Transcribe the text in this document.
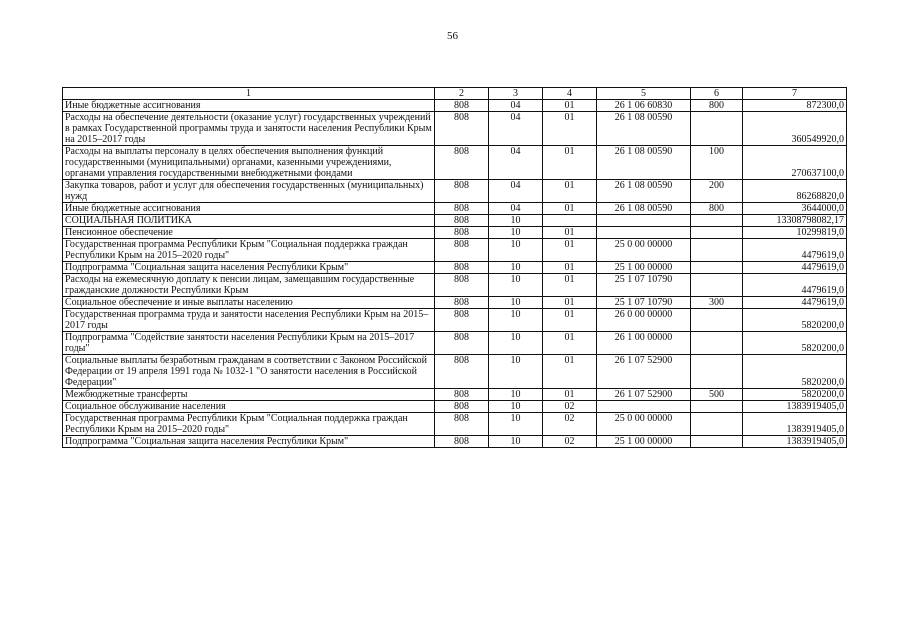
56
1	2	3	4	5	6	7
Иные бюджетные ассигнования	808	04	01	26 1 06 60830	800	872300,0
Расходы на обеспечение деятельности (оказание услуг) государственных учреждений в рамках Государственной программы труда и занятости населения Республики Крым на 2015–2017 годы	808	04	01	26 1 08 00590		360549920,0
Расходы на выплаты персоналу в целях обеспечения выполнения функций государственными (муниципальными) органами, казенными учреждениями, органами управления государственными внебюджетными фондами	808	04	01	26 1 08 00590	100	270637100,0
Закупка товаров, работ и услуг для обеспечения государственных (муниципальных) нужд	808	04	01	26 1 08 00590	200	86268820,0
Иные бюджетные ассигнования	808	04	01	26 1 08 00590	800	3644000,0
СОЦИАЛЬНАЯ ПОЛИТИКА	808	10				13308798082,17
Пенсионное обеспечение	808	10	01			10299819,0
Государственная программа Республики Крым "Социальная поддержка граждан Республики Крым на 2015–2020 годы"	808	10	01	25 0 00 00000		4479619,0
Подпрограмма "Социальная защита населения Республики Крым"	808	10	01	25 1 00 00000		4479619,0
Расходы на ежемесячную доплату к пенсии лицам, замещавшим государственные гражданские должности Республики Крым	808	10	01	25 1 07 10790		4479619,0
Социальное обеспечение и иные выплаты населению	808	10	01	25 1 07 10790	300	4479619,0
Государственная программа труда и занятости населения Республики Крым на 2015–2017 годы	808	10	01	26 0 00 00000		5820200,0
Подпрограмма "Содействие занятости населения Республики Крым на 2015–2017 годы"	808	10	01	26 1 00 00000		5820200,0
Социальные выплаты безработным гражданам в соответствии с Законом Российской Федерации от 19 апреля 1991 года № 1032-1 "О занятости населения в Российской Федерации"	808	10	01	26 1 07 52900		5820200,0
Межбюджетные трансферты	808	10	01	26 1 07 52900	500	5820200,0
Социальное обслуживание населения	808	10	02			1383919405,0
Государственная программа Республики Крым "Социальная поддержка граждан Республики Крым на 2015–2020 годы"	808	10	02	25 0 00 00000		1383919405,0
Подпрограмма "Социальная защита населения Республики Крым"	808	10	02	25 1 00 00000		1383919405,0
